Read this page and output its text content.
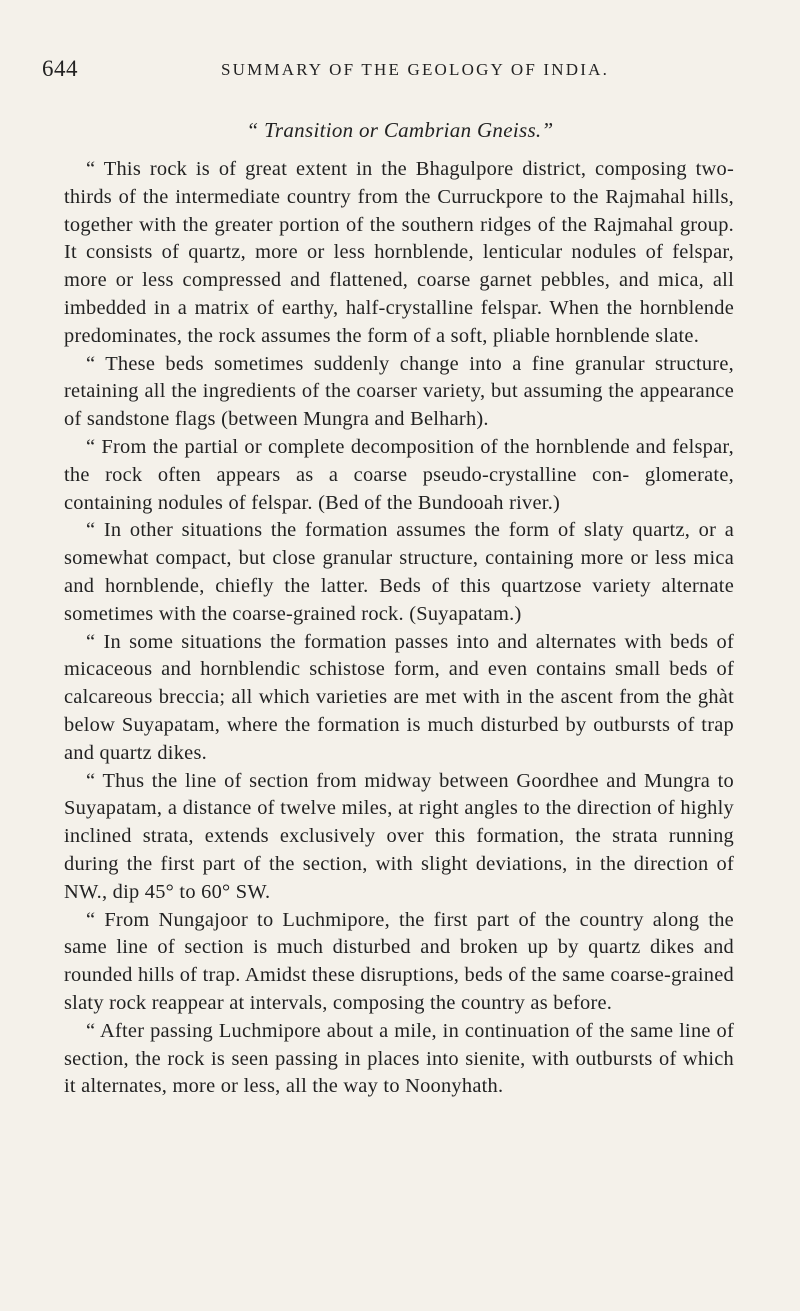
644	SUMMARY OF THE GEOLOGY OF INDIA.
“ Transition or Cambrian Gneiss.”

“ This rock is of great extent in the Bhagulpore district, composing two-thirds of the intermediate country from the Curruckpore to the Rajmahal hills, together with the greater portion of the southern ridges of the Rajmahal group. It consists of quartz, more or less hornblende, lenticular nodules of felspar, more or less compressed and flattened, coarse garnet pebbles, and mica, all imbedded in a matrix of earthy, half-crystalline felspar. When the hornblende predominates, the rock assumes the form of a soft, pliable hornblende slate.

“ These beds sometimes suddenly change into a fine granular structure, retaining all the ingredients of the coarser variety, but assuming the appearance of sandstone flags (between Mungra and Belharh).

“ From the partial or complete decomposition of the hornblende and felspar, the rock often appears as a coarse pseudo-crystalline con- glomerate, containing nodules of felspar. (Bed of the Bundooah river.)

“ In other situations the formation assumes the form of slaty quartz, or a somewhat compact, but close granular structure, containing more or less mica and hornblende, chiefly the latter. Beds of this quartzose variety alternate sometimes with the coarse-grained rock. (Suyapatam.)

“ In some situations the formation passes into and alternates with beds of micaceous and hornblendic schistose form, and even contains small beds of calcareous breccia; all which varieties are met with in the ascent from the ghàt below Suyapatam, where the formation is much disturbed by outbursts of trap and quartz dikes.

“ Thus the line of section from midway between Goordhee and Mungra to Suyapatam, a distance of twelve miles, at right angles to the direction of highly inclined strata, extends exclusively over this formation, the strata running during the first part of the section, with slight deviations, in the direction of NW., dip 45° to 60° SW.

“ From Nungajoor to Luchmipore, the first part of the country along the same line of section is much disturbed and broken up by quartz dikes and rounded hills of trap. Amidst these disruptions, beds of the same coarse-grained slaty rock reappear at intervals, composing the country as before.

“ After passing Luchmipore about a mile, in continuation of the same line of section, the rock is seen passing in places into sienite, with outbursts of which it alternates, more or less, all the way to Noonyhath.
